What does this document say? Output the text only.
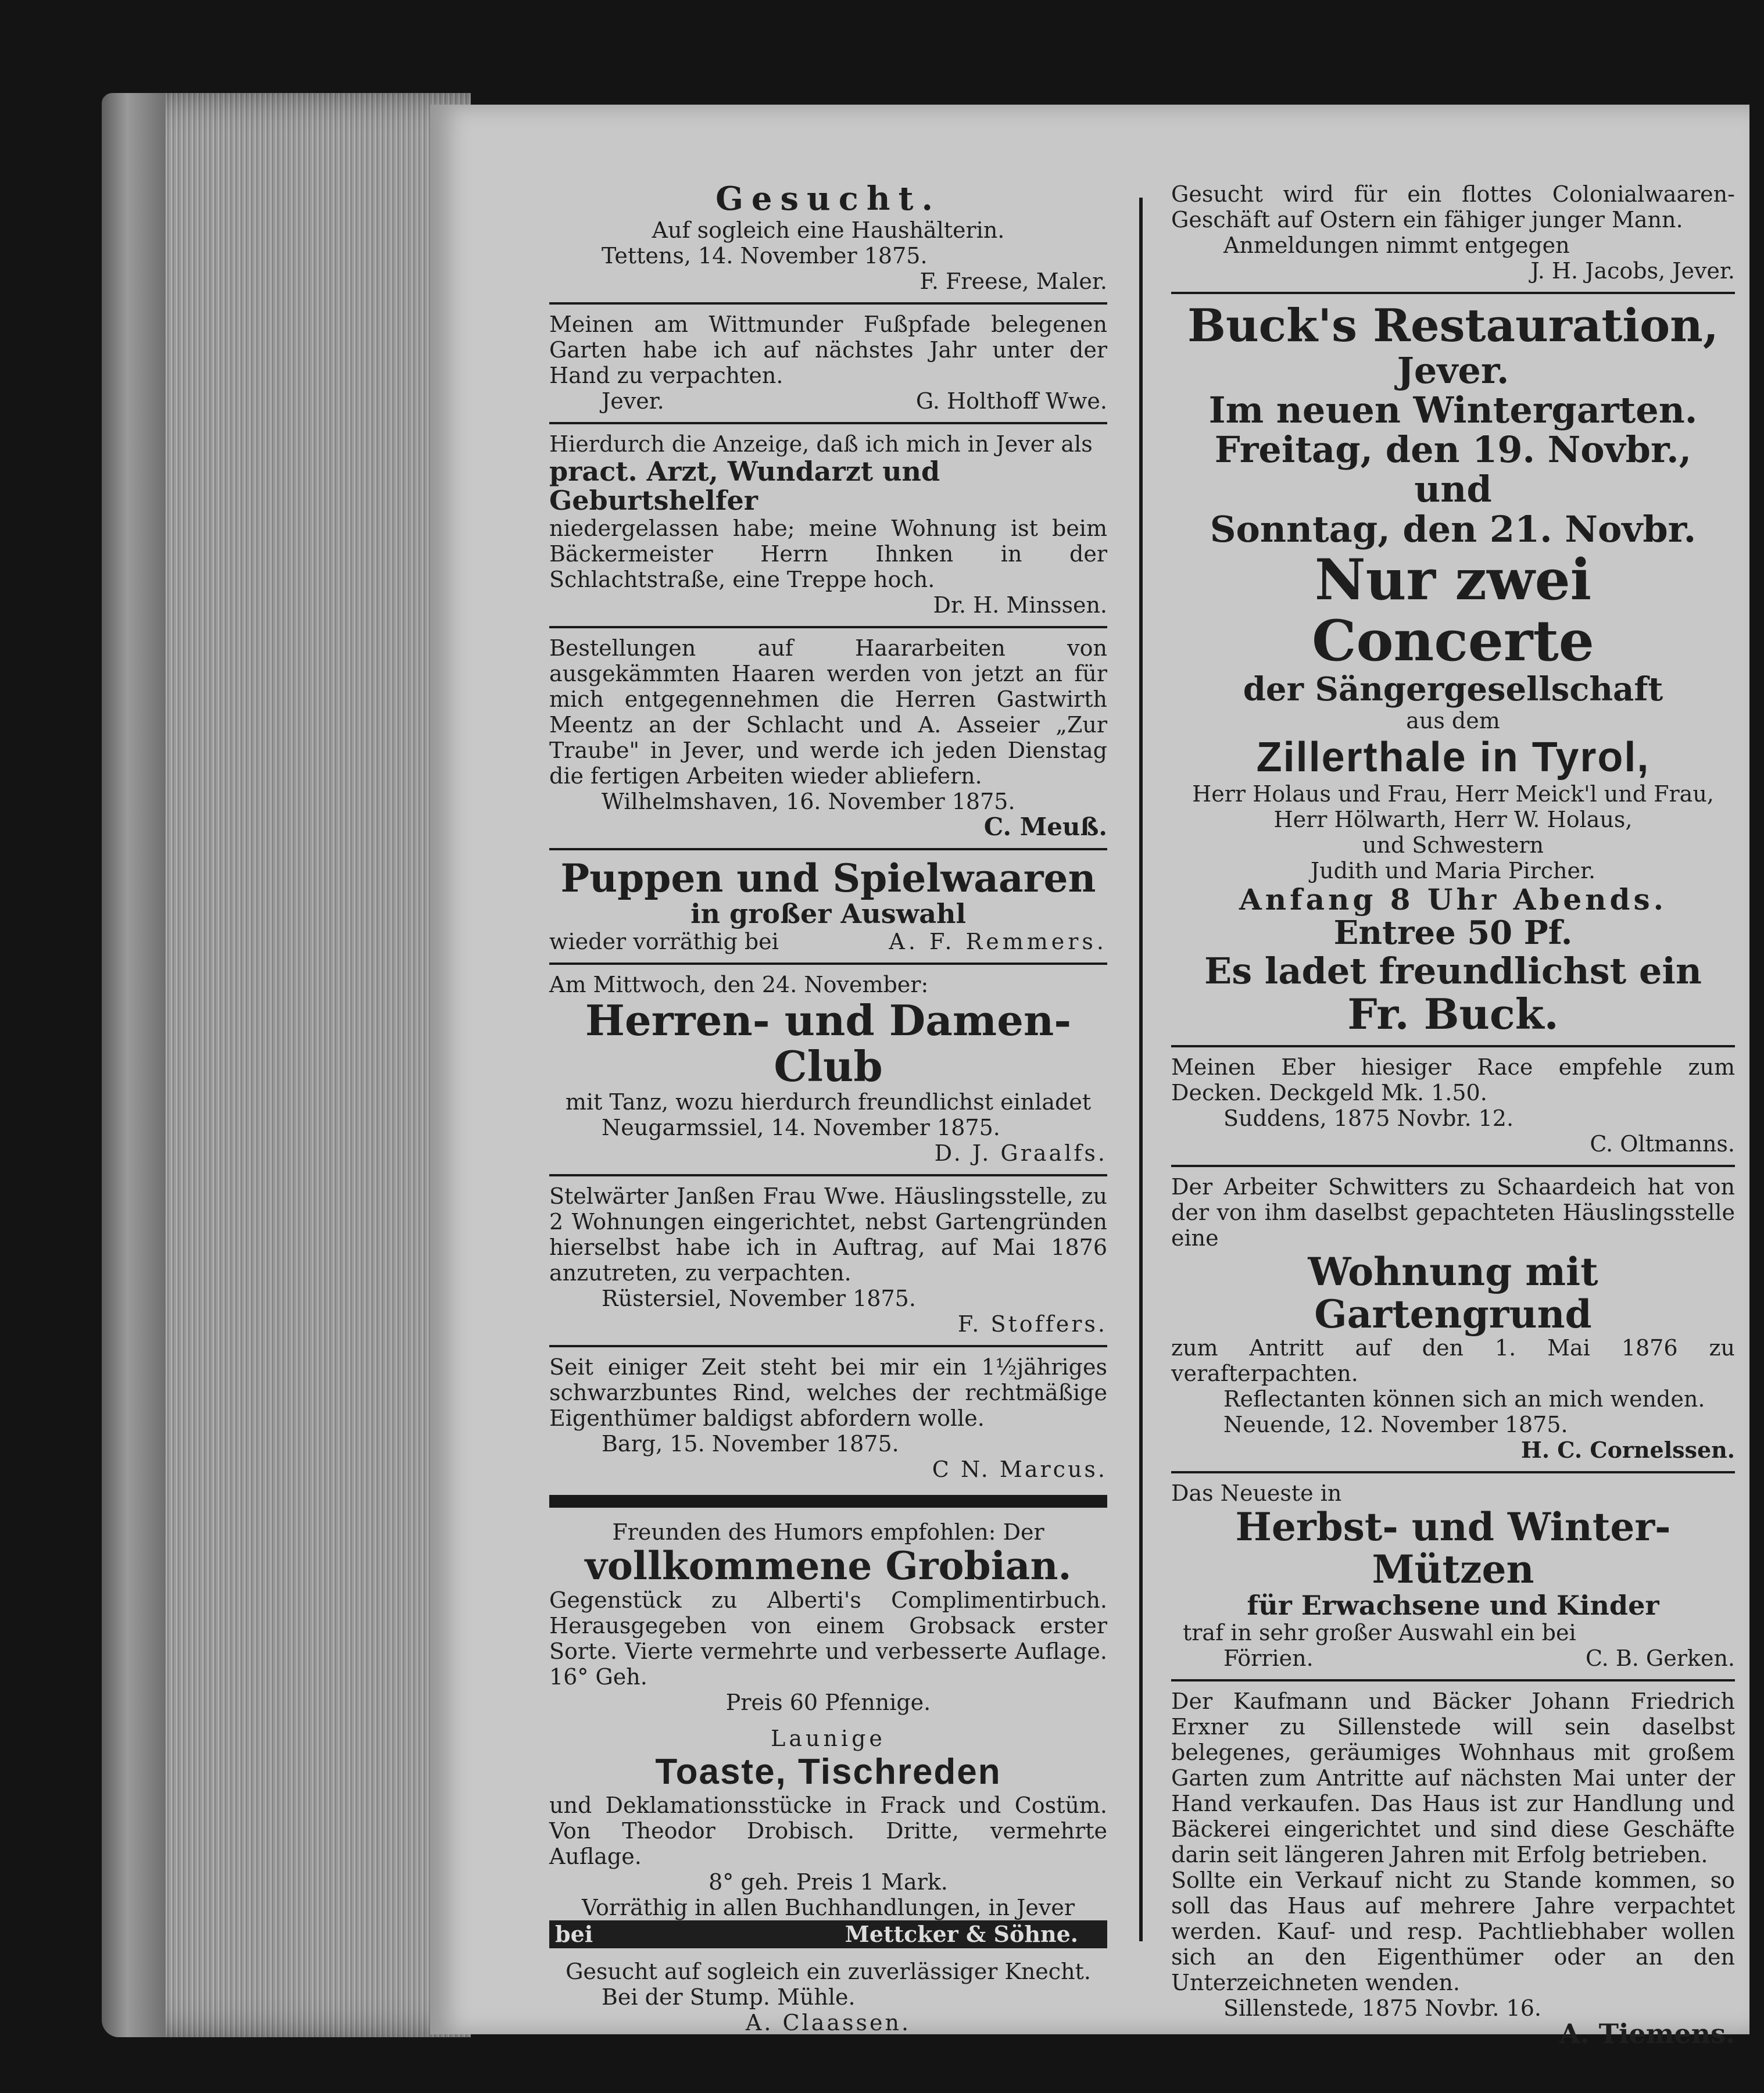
Gesucht.
Auf sogleich eine Haushälterin.
Tettens, 14. November 1875.
F. Freese, Maler.
Meinen am Wittmunder Fußpfade belegenen Garten habe ich auf nächstes Jahr unter der Hand zu verpachten.
Jever.	G. Holthoff Wwe.
Hierdurch die Anzeige, daß ich mich in Jever als
pract. Arzt, Wundarzt und Geburtshelfer
niedergelassen habe; meine Wohnung ist beim Bäckermeister Herrn Ihnken in der Schlachtstraße, eine Treppe hoch.
Dr. H. Minssen.
Bestellungen auf Haararbeiten von ausgekämmten Haaren werden von jetzt an für mich entgegennehmen die Herren Gastwirth Meentz an der Schlacht und A. Asseier „Zur Traube" in Jever, und werde ich jeden Dienstag die fertigen Arbeiten wieder abliefern.
Wilhelmshaven, 16. November 1875.
C. Meuß.
Puppen und Spielwaaren
in großer Auswahl
wieder vorräthig bei	A. F. Remmers.
Am Mittwoch, den 24. November:
Herren- und Damen-Club
mit Tanz, wozu hierdurch freundlichst einladet
Neugarmssiel, 14. November 1875.
D. J. Graalfs.
Stelwärter Janßen Frau Wwe. Häuslingsstelle, zu 2 Wohnungen eingerichtet, nebst Gartengründen hierselbst habe ich in Auftrag, auf Mai 1876 anzutreten, zu verpachten.
Rüstersiel, November 1875.
F. Stoffers.
Seit einiger Zeit steht bei mir ein 1½jähriges schwarzbuntes Rind, welches der rechtmäßige Eigenthümer baldigst abfordern wolle.
Barg, 15. November 1875.
C N. Marcus.
Freunden des Humors empfohlen: Der
vollkommene Grobian.
Gegenstück zu Alberti's Complimentirbuch. Herausgegeben von einem Grobsack erster Sorte. Vierte vermehrte und verbesserte Auflage. 16° Geh.
Preis 60 Pfennige.
Launige
Toaste, Tischreden
und Deklamationsstücke in Frack und Costüm. Von Theodor Drobisch. Dritte, vermehrte Auflage.
8° geh. Preis 1 Mark.
Vorräthig in allen Buchhandlungen, in Jever
bei	Mettcker & Söhne.
Gesucht auf sogleich ein zuverlässiger Knecht.
Bei der Stump. Mühle.
A. Claassen.
Gesucht wird für ein flottes Colonialwaaren-Geschäft auf Ostern ein fähiger junger Mann.
Anmeldungen nimmt entgegen
J. H. Jacobs, Jever.
Buck's Restauration,
Jever.
Im neuen Wintergarten.
Freitag, den 19. Novbr., und
Sonntag, den 21. Novbr.
Nur zwei Concerte
der Sängergesellschaft
aus dem
Zillerthale in Tyrol,
Herr Holaus und Frau, Herr Meick'l und Frau,
Herr Hölwarth, Herr W. Holaus,
und Schwestern
Judith und Maria Pircher.
Anfang 8 Uhr Abends.
Entree 50 Pf.
Es ladet freundlichst ein
Fr. Buck.
Meinen Eber hiesiger Race empfehle zum Decken. Deckgeld Mk. 1.50.
Suddens, 1875 Novbr. 12.
C. Oltmanns.
Der Arbeiter Schwitters zu Schaardeich hat von der von ihm daselbst gepachteten Häuslingsstelle eine
Wohnung mit Gartengrund
zum Antritt auf den 1. Mai 1876 zu verafterpachten.
Reflectanten können sich an mich wenden.
Neuende, 12. November 1875.
H. C. Cornelssen.
Das Neueste in
Herbst- und Winter-Mützen
für Erwachsene und Kinder
traf in sehr großer Auswahl ein bei
Förrien.	C. B. Gerken.
Der Kaufmann und Bäcker Johann Friedrich Erxner zu Sillenstede will sein daselbst belegenes, geräumiges Wohnhaus mit großem Garten zum Antritte auf nächsten Mai unter der Hand verkaufen. Das Haus ist zur Handlung und Bäckerei eingerichtet und sind diese Geschäfte darin seit längeren Jahren mit Erfolg betrieben.
Sollte ein Verkauf nicht zu Stande kommen, so soll das Haus auf mehrere Jahre verpachtet werden. Kauf- und resp. Pachtliebhaber wollen sich an den Eigenthümer oder an den Unterzeichneten wenden.
Sillenstede, 1875 Novbr. 16.
A. Tiemens.
